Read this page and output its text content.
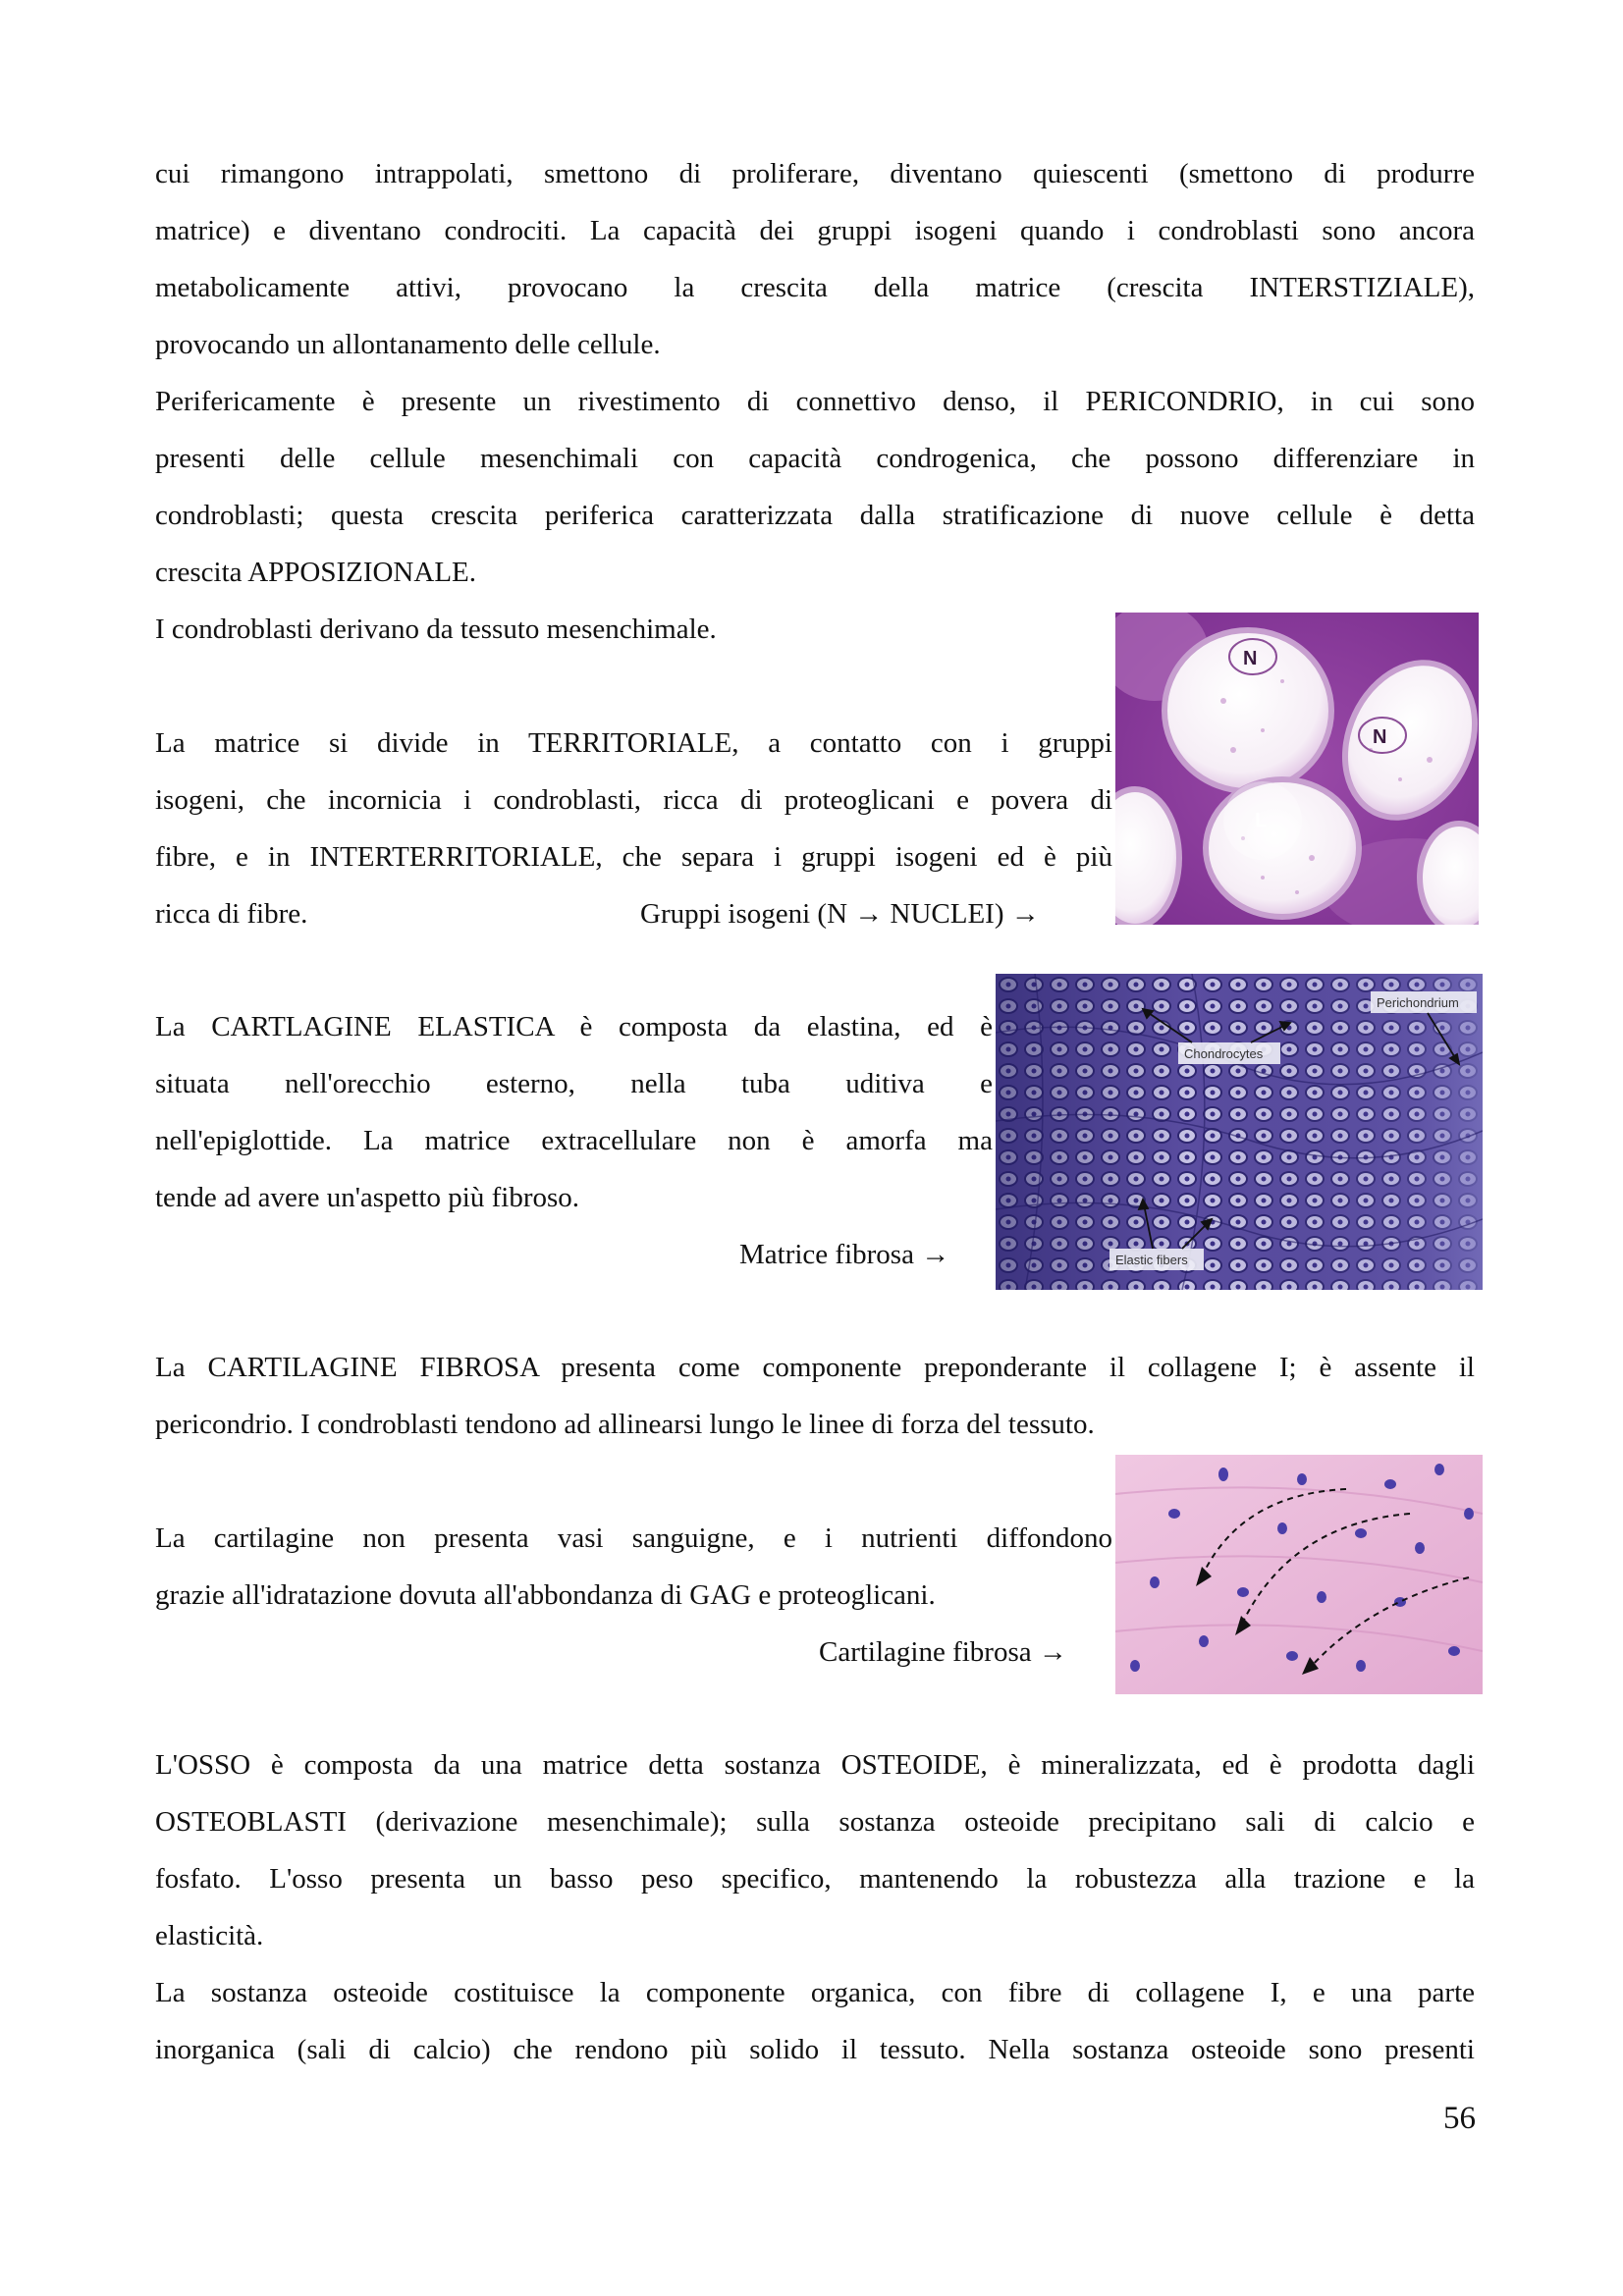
cui rimangono intrappolati, smettono di proliferare, diventano quiescenti (smettono di produrre
matrice) e diventano condrociti. La capacità dei gruppi isogeni quando i condroblasti sono ancora
metabolicamente attivi, provocano la crescita della matrice (crescita INTERSTIZIALE),
provocando un allontanamento delle cellule.

Perifericamente è presente un rivestimento di connettivo denso, il PERICONDRIO, in cui sono
presenti delle cellule mesenchimali con capacità condrogenica, che possono differenziare in
condroblasti; questa crescita periferica caratterizzata dalla stratificazione di nuove cellule è detta
crescita APPOSIZIONALE.

I condroblasti derivano da tessuto mesenchimale.

La matrice si divide in TERRITORIALE, a contatto con i gruppi
isogeni, che incornicia i condroblasti, ricca di proteoglicani e povera di
fibre, e in INTERTERRITORIALE, che separa i gruppi isogeni ed è più
ricca di fibre.	Gruppi isogeni (N → NUCLEI) →
N
N
L

La CARTLAGINE ELASTICA è composta da elastina, ed è
situata nell'orecchio esterno, nella tuba uditiva e
nell'epiglottide. La matrice extracellulare non è amorfa ma
tende ad avere un'aspetto più fibroso.

Matrice fibrosa →
Perichondrium
Chondrocytes
Elastic fibers

La CARTILAGINE FIBROSA presenta come componente preponderante il collagene I; è assente il
pericondrio. I condroblasti tendono ad allinearsi lungo le linee di forza del tessuto.

La cartilagine non presenta vasi sanguigne, e i nutrienti diffondono
grazie all'idratazione dovuta all'abbondanza di GAG e proteoglicani.

Cartilagine fibrosa →

L'OSSO è composta da una matrice detta sostanza OSTEOIDE, è mineralizzata, ed è prodotta dagli
OSTEOBLASTI (derivazione mesenchimale); sulla sostanza osteoide precipitano sali di calcio e
fosfato. L'osso presenta un basso peso specifico, mantenendo la robustezza alla trazione e la
elasticità.

La sostanza osteoide costituisce la componente organica, con fibre di collagene I, e una parte
inorganica (sali di calcio) che rendono più solido il tessuto. Nella sostanza osteoide sono presenti

56
